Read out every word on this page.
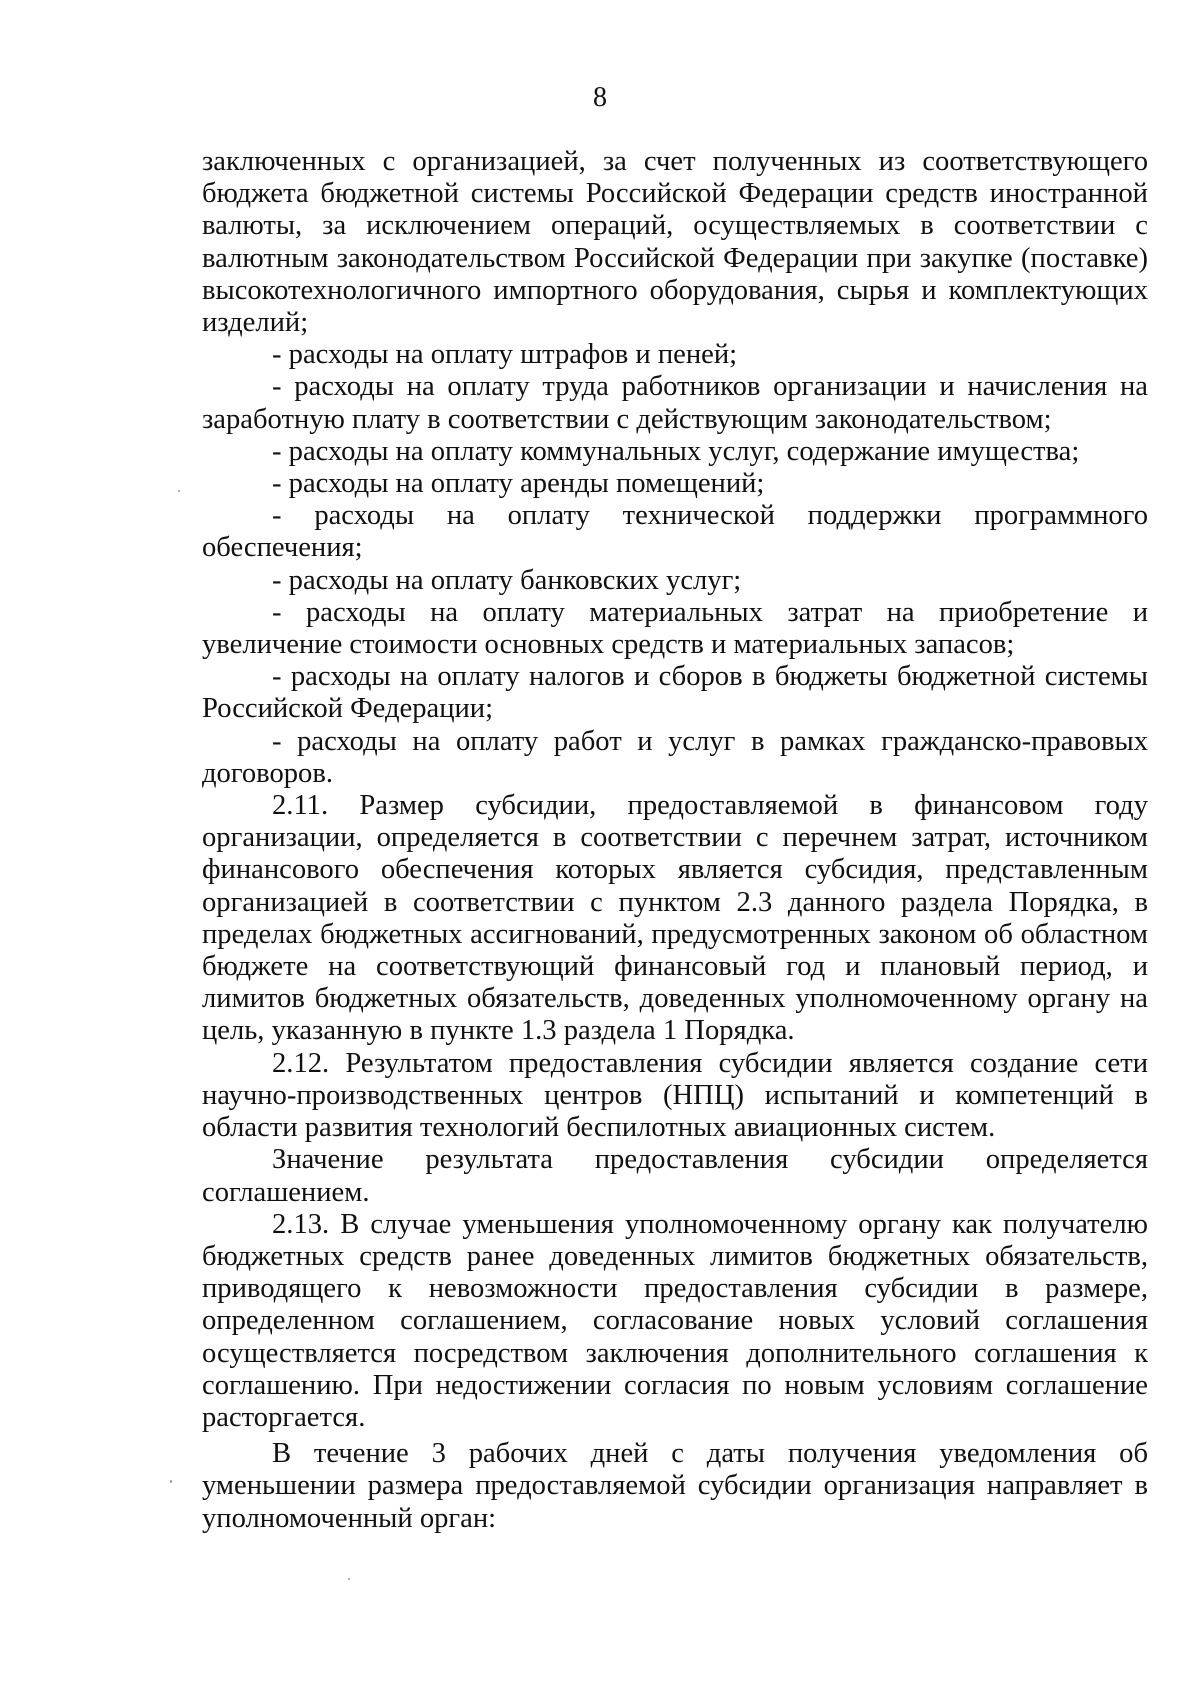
8

заключенных с организацией, за счет полученных из соответствующего бюджета бюджетной системы Российской Федерации средств иностранной валюты, за исключением операций, осуществляемых в соответствии с валютным законодательством Российской Федерации при закупке (поставке) высокотехнологичного импортного оборудования, сырья и комплектующих изделий;

- расходы на оплату штрафов и пеней;

- расходы на оплату труда работников организации и начисления на заработную плату в соответствии с действующим законодательством;

- расходы на оплату коммунальных услуг, содержание имущества;

- расходы на оплату аренды помещений;

- расходы на оплату технической поддержки программного обеспечения;

- расходы на оплату банковских услуг;

- расходы на оплату материальных затрат на приобретение и увеличение стоимости основных средств и материальных запасов;

- расходы на оплату налогов и сборов в бюджеты бюджетной системы Российской Федерации;

- расходы на оплату работ и услуг в рамках гражданско-правовых договоров.

2.11. Размер субсидии, предоставляемой в финансовом году организации, определяется в соответствии с перечнем затрат, источником финансового обеспечения которых является субсидия, представленным организацией в соответствии с пунктом 2.3 данного раздела Порядка, в пределах бюджетных ассигнований, предусмотренных законом об областном бюджете на соответствующий финансовый год и плановый период, и лимитов бюджетных обязательств, доведенных уполномоченному органу на цель, указанную в пункте 1.3 раздела 1 Порядка.

2.12. Результатом предоставления субсидии является создание сети научно-производственных центров (НПЦ) испытаний и компетенций в области развития технологий беспилотных авиационных систем.

Значение результата предоставления субсидии определяется соглашением.

2.13. В случае уменьшения уполномоченному органу как получателю бюджетных средств ранее доведенных лимитов бюджетных обязательств, приводящего к невозможности предоставления субсидии в размере, определенном соглашением, согласование новых условий соглашения осуществляется посредством заключения дополнительного соглашения к соглашению. При недостижении согласия по новым условиям соглашение расторгается.

В течение 3 рабочих дней с даты получения уведомления об уменьшении размера предоставляемой субсидии организация направляет в уполномоченный орган:
